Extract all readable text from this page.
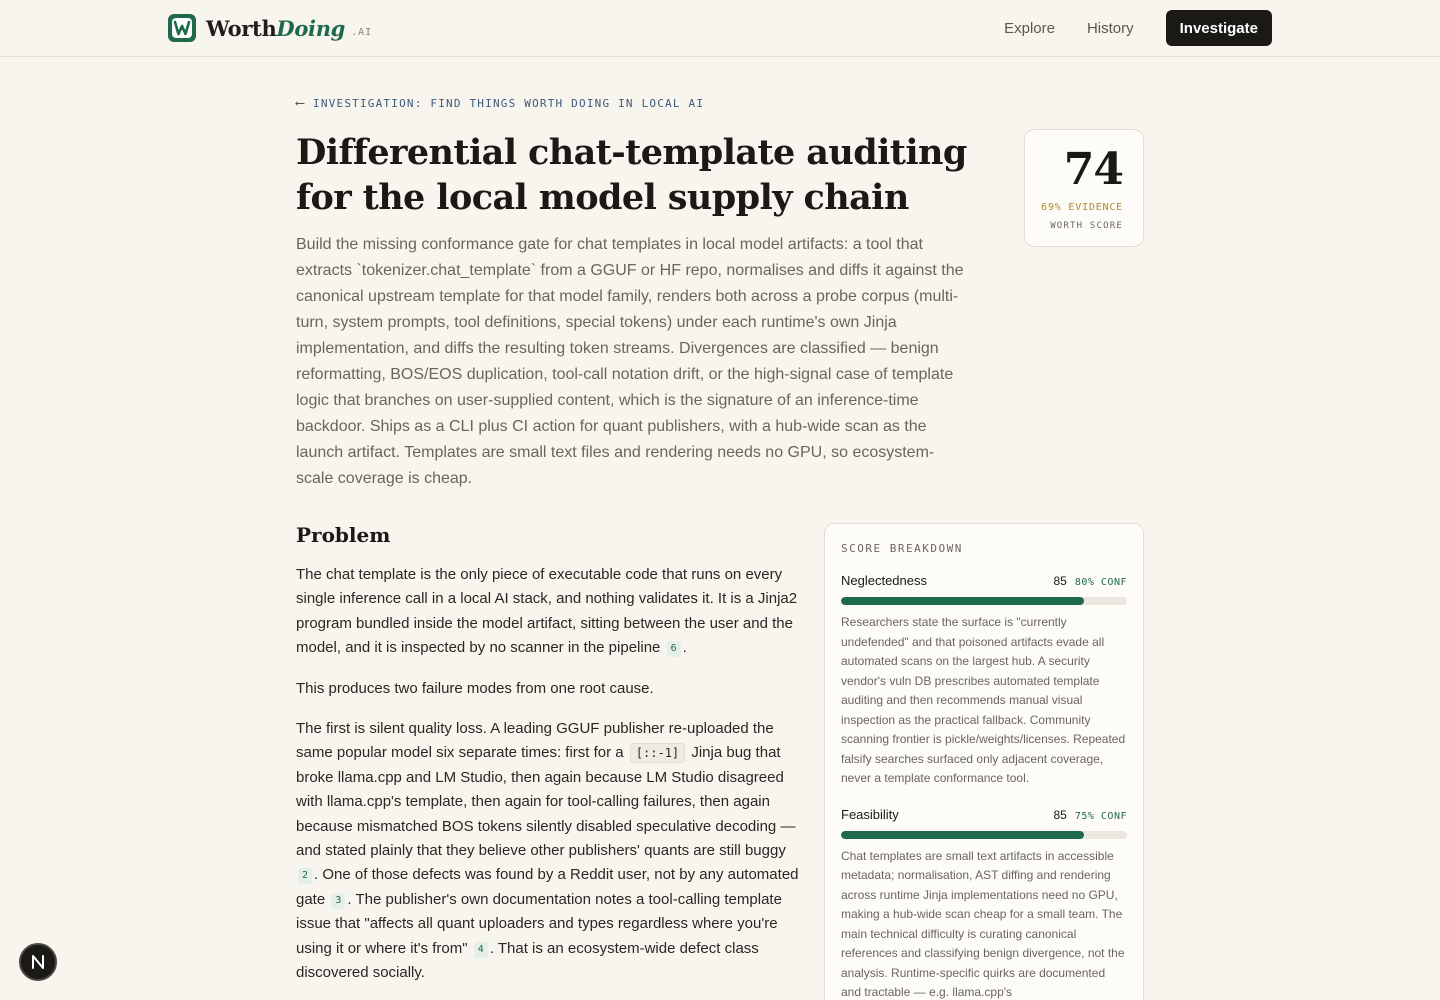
WorthDoing .AI	Explore History	Investigate
⟵ INVESTIGATION: FIND THINGS WORTH DOING IN LOCAL AI
Differential chat-template auditing for the local model supply chain
74
69% EVIDENCE
WORTH SCORE

Build the missing conformance gate for chat templates in local model artifacts: a tool that extracts `tokenizer.chat_template` from a GGUF or HF repo, normalises and diffs it against the canonical upstream template for that model family, renders both across a probe corpus (multi-turn, system prompts, tool definitions, special tokens) under each runtime's own Jinja implementation, and diffs the resulting token streams. Divergences are classified — benign reformatting, BOS/EOS duplication, tool-call notation drift, or the high-signal case of template logic that branches on user-supplied content, which is the signature of an inference-time backdoor. Ships as a CLI plus CI action for quant publishers, with a hub-wide scan as the launch artifact. Templates are small text files and rendering needs no GPU, so ecosystem-scale coverage is cheap.

Problem

The chat template is the only piece of executable code that runs on every single inference call in a local AI stack, and nothing validates it. It is a Jinja2 program bundled inside the model artifact, sitting between the user and the model, and it is inspected by no scanner in the pipeline 6 .

This produces two failure modes from one root cause.

The first is silent quality loss. A leading GGUF publisher re-uploaded the same popular model six separate times: first for a [::-1] Jinja bug that broke llama.cpp and LM Studio, then again because LM Studio disagreed with llama.cpp's template, then again for tool-calling failures, then again because mismatched BOS tokens silently disabled speculative decoding — and stated plainly that they believe other publishers' quants are still buggy 2 . One of those defects was found by a Reddit user, not by any automated gate 3 . The publisher's own documentation notes a tool-calling template issue that "affects all quant uploaders and types regardless where you're using it or where it's from" 4 . That is an ecosystem-wide defect class discovered socially.

SCORE BREAKDOWN
Neglectedness	85 80% CONF
Researchers state the surface is "currently undefended" and that poisoned artifacts evade all automated scans on the largest hub. A security vendor's vuln DB prescribes automated template auditing and then recommends manual visual inspection as the practical fallback. Community scanning frontier is pickle/weights/licenses. Repeated falsify searches surfaced only adjacent coverage, never a template conformance tool.
Feasibility	85 75% CONF
Chat templates are small text artifacts in accessible metadata; normalisation, AST diffing and rendering across runtime Jinja implementations need no GPU, making a hub-wide scan cheap for a small team. The main technical difficulty is curating canonical references and classifying benign divergence, not the analysis. Runtime-specific quirks are documented and tractable — e.g. llama.cpp's
